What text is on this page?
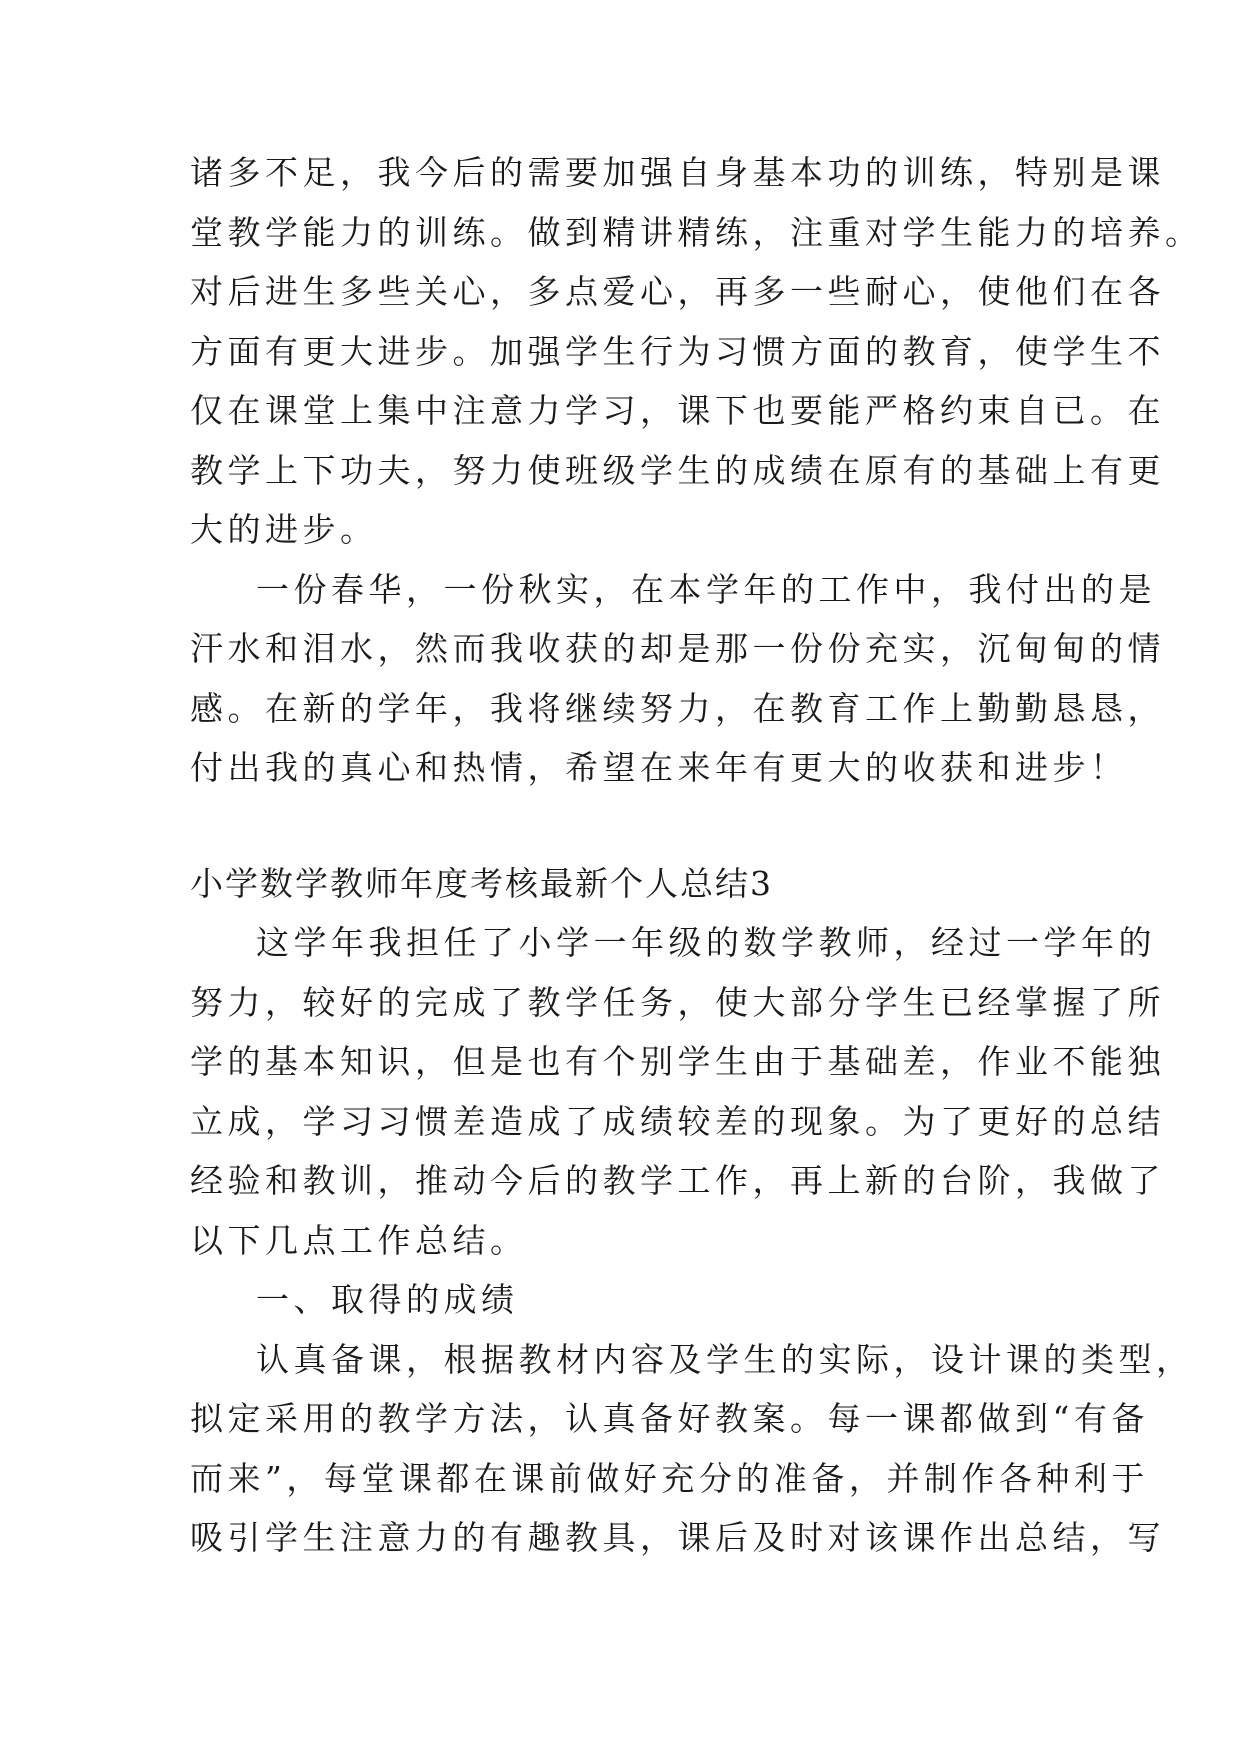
诸多不足，我今后的需要加强自身基本功的训练，特别是课
堂教学能力的训练。做到精讲精练，注重对学生能力的培养。
对后进生多些关心，多点爱心，再多一些耐心，使他们在各
方面有更大进步。加强学生行为习惯方面的教育，使学生不
仅在课堂上集中注意力学习，课下也要能严格约束自已。在
教学上下功夫，努力使班级学生的成绩在原有的基础上有更
大的进步。
一份春华，一份秋实，在本学年的工作中，我付出的是
汗水和泪水，然而我收获的却是那一份份充实，沉甸甸的情
感。在新的学年，我将继续努力，在教育工作上勤勤恳恳，
付出我的真心和热情，希望在来年有更大的收获和进步！
小学数学教师年度考核最新个人总结3
这学年我担任了小学一年级的数学教师，经过一学年的
努力，较好的完成了教学任务，使大部分学生已经掌握了所
学的基本知识，但是也有个别学生由于基础差，作业不能独
立成，学习习惯差造成了成绩较差的现象。为了更好的总结
经验和教训，推动今后的教学工作，再上新的台阶，我做了
以下几点工作总结。
一、取得的成绩
认真备课，根据教材内容及学生的实际，设计课的类型，
拟定采用的教学方法，认真备好教案。每一课都做到“有备
而来”，每堂课都在课前做好充分的准备，并制作各种利于
吸引学生注意力的有趣教具，课后及时对该课作出总结，写
